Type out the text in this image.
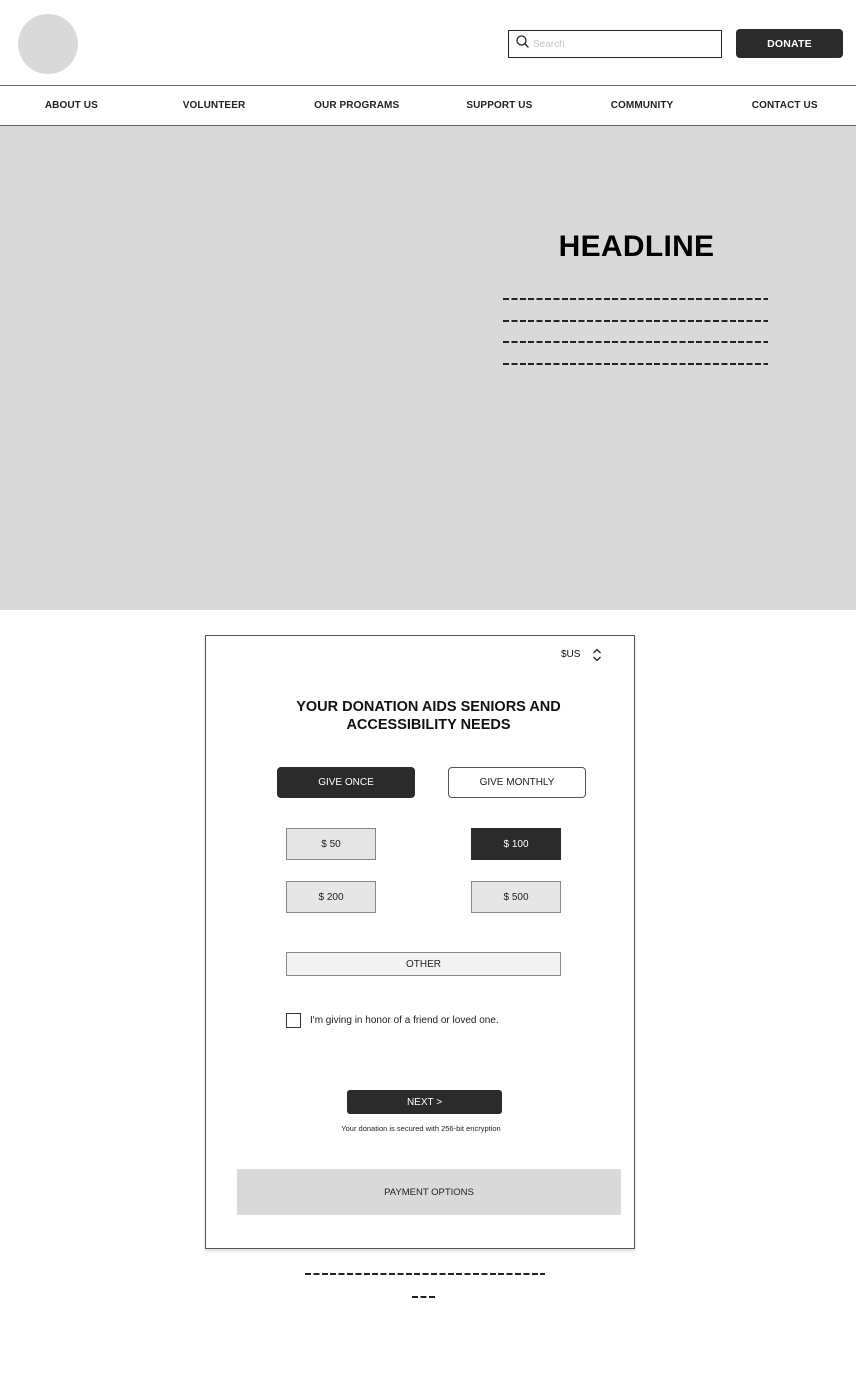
Search
DONATE
ABOUT US	VOLUNTEER	OUR PROGRAMS	SUPPORT US	COMMUNITY	CONTACT US
HEADLINE
$US
YOUR DONATION AIDS SENIORS AND ACCESSIBILITY NEEDS
GIVE ONCE	GIVE MONTHLY
$ 50	$ 100
$ 200	$ 500
OTHER
I'm giving in honor of a friend or loved one.
NEXT >
Your donation is secured with 256-bit encryption
PAYMENT OPTIONS
